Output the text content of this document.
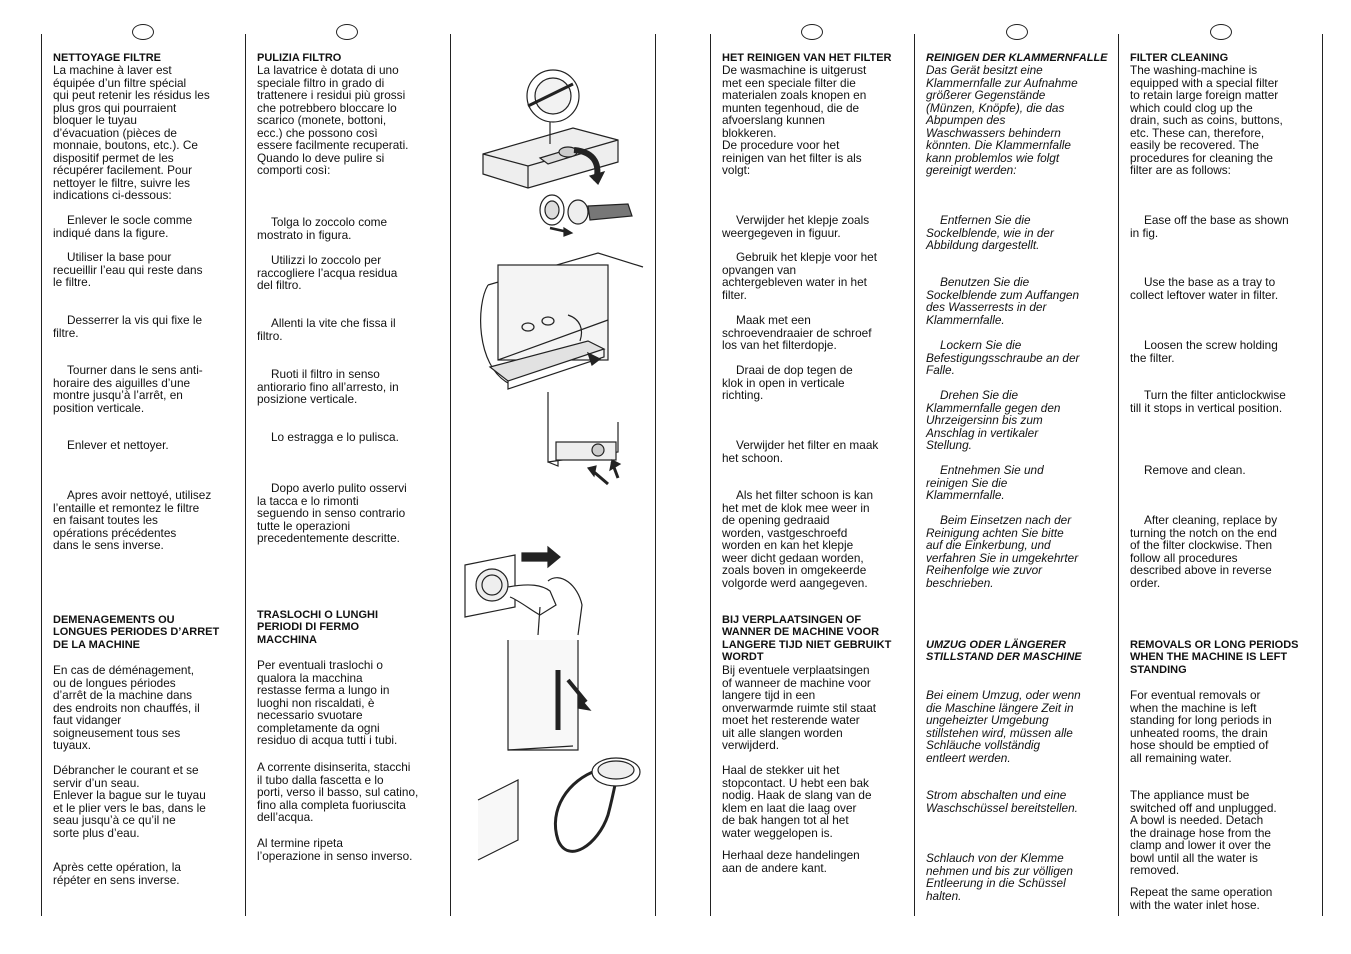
NETTOYAGE FILTRE

La machine à laver est
équipée d’un filtre spécial
qui peut retenir les résidus les
plus gros qui pourraient
bloquer le tuyau
d’évacuation (pièces de
monnaie, boutons, etc.). Ce
dispositif permet de les
récupérer facilement. Pour
nettoyer le filtre, suivre les
indications ci-dessous:

Enlever le socle comme
indiqué dans la figure.
Utiliser la base pour
recueillir l’eau qui reste dans
le filtre.
Desserrer la vis qui fixe le
filtre.
Tourner dans le sens anti-
horaire des aiguilles d’une
montre jusqu’à l’arrêt, en
position verticale.
Enlever et nettoyer.
Apres avoir nettoyé, utilisez
l’entaille et remontez le filtre
en faisant toutes les
opérations précédentes
dans le sens inverse.
DEMENAGEMENTS OU
LONGUES PERIODES D’ARRET
DE LA MACHINE
En cas de déménagement,
ou de longues périodes
d’arrêt de la machine dans
des endroits non chauffés, il
faut vidanger
soigneusement tous ses
tuyaux.
Débrancher le courant et se
servir d’un seau.
Enlever la bague sur le tuyau
et le plier vers le bas, dans le
seau jusqu’à ce qu’il ne
sorte plus d’eau.
Après cette opération, la
répéter en sens inverse.

PULIZIA FILTRO

La lavatrice è dotata di uno
speciale filtro in grado di
trattenere i residui più grossi
che potrebbero bloccare lo
scarico (monete, bottoni,
ecc.) che possono così
essere facilmente recuperati.
Quando lo deve pulire si
comporti così:

Tolga lo zoccolo come
mostrato in figura.
Utilizzi lo zoccolo per
raccogliere l’acqua residua
del filtro.
Allenti la vite che fissa il
filtro.
Ruoti il filtro in senso
antiorario fino all’arresto, in
posizione verticale.
Lo estragga e lo pulisca.
Dopo averlo pulito osservi
la tacca e lo rimonti
seguendo in senso contrario
tutte le operazioni
precedentemente descritte.
TRASLOCHI O LUNGHI
PERIODI DI FERMO
MACCHINA
Per eventuali traslochi o
qualora la macchina
restasse ferma a lungo in
luoghi non riscaldati, è
necessario svuotare
completamente da ogni
residuo di acqua tutti i tubi.
A corrente disinserita, stacchi
il tubo dalla fascetta e lo
porti, verso il basso, sul catino,
fino alla completa fuoriuscita
dell’acqua.
Al termine ripeta
l’operazione in senso inverso.

HET REINIGEN VAN HET FILTER

De wasmachine is uitgerust
met een speciale filter die
materialen zoals knopen en
munten tegenhoud, die de
afvoerslang kunnen
blokkeren.
De procedure voor het
reinigen van het filter is als
volgt:

Verwijder het klepje zoals
weergegeven in figuur.
Gebruik het klepje voor het
opvangen van
achtergebleven water in het
filter.
Maak met een
schroevendraaier de schroef
los van het filterdopje.
Draai de dop tegen de
klok in open in verticale
richting.
Verwijder het filter en maak
het schoon.
Als het filter schoon is kan
het met de klok mee weer in
de opening gedraaid
worden, vastgeschroefd
worden en kan het klepje
weer dicht gedaan worden,
zoals boven in omgekeerde
volgorde werd aangegeven.
BIJ VERPLAATSINGEN OF
WANNER DE MACHINE VOOR
LANGERE TIJD NIET GEBRUIKT
WORDT
Bij eventuele verplaatsingen
of wanneer de machine voor
langere tijd in een
onverwarmde ruimte stil staat
moet het resterende water
uit alle slangen worden
verwijderd.
Haal de stekker uit het
stopcontact. U hebt een bak
nodig. Haak de slang van de
klem en laat die laag over
de bak hangen tot al het
water weggelopen is.
Herhaal deze handelingen
aan de andere kant.

REINIGEN DER KLAMMERNFALLE

Das Gerät besitzt eine
Klammernfalle zur Aufnahme
größerer Gegenstände
(Münzen, Knöpfe), die das
Abpumpen des
Waschwassers behindern
könnten. Die Klammernfalle
kann problemlos wie folgt
gereinigt werden:

Entfernen Sie die
Sockelblende, wie in der
Abbildung dargestellt.
Benutzen Sie die
Sockelblende zum Auffangen
des Wasserrests in der
Klammernfalle.
Lockern Sie die
Befestigungsschraube an der
Falle.
Drehen Sie die
Klammernfalle gegen den
Uhrzeigersinn bis zum
Anschlag in vertikaler
Stellung.
Entnehmen Sie und
reinigen Sie die
Klammernfalle.
Beim Einsetzen nach der
Reinigung achten Sie bitte
auf die Einkerbung, und
verfahren Sie in umgekehrter
Reihenfolge wie zuvor
beschrieben.
UMZUG ODER LÄNGERER
STILLSTAND DER MASCHINE
Bei einem Umzug, oder wenn
die Maschine längere Zeit in
ungeheizter Umgebung
stillstehen wird, müssen alle
Schläuche vollständig
entleert werden.
Strom abschalten und eine
Waschschüssel bereitstellen.
Schlauch von der Klemme
nehmen und bis zur völligen
Entleerung in die Schüssel
halten.

FILTER CLEANING

The washing-machine is
equipped with a special filter
to retain large foreign matter
which could clog up the
drain, such as coins, buttons,
etc. These can, therefore,
easily be recovered. The
procedures for cleaning the
filter are as follows:

Ease off the base as shown
in fig.
Use the base as a tray to
collect leftover water in filter.
Loosen the screw holding
the filter.
Turn the filter anticlockwise
till it stops in vertical position.
Remove and clean.
After cleaning, replace by
turning the notch on the end
of the filter clockwise. Then
follow all procedures
described above in reverse
order.
REMOVALS OR LONG PERIODS
WHEN THE MACHINE IS LEFT
STANDING
For eventual removals or
when the machine is left
standing for long periods in
unheated rooms, the drain
hose should be emptied of
all remaining water.
The appliance must be
switched off and unplugged.
A bowl is needed. Detach
the drainage hose from the
clamp and lower it over the
bowl until all the water is
removed.
Repeat the same operation
with the water inlet hose.
